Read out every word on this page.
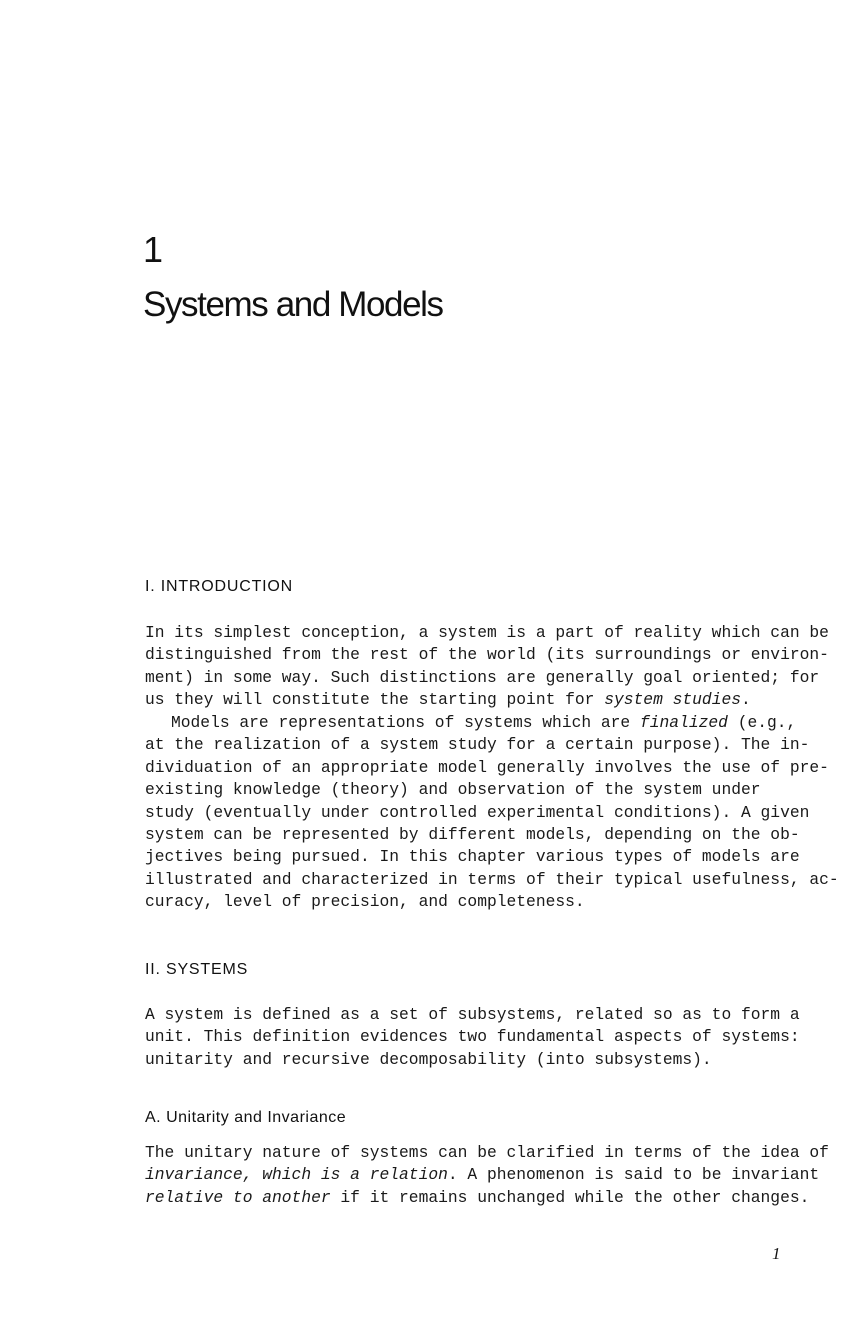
1
Systems and Models
I. INTRODUCTION

In its simplest conception, a system is a part of reality which can be
distinguished from the rest of the world (its surroundings or environ-
ment) in some way. Such distinctions are generally goal oriented; for
us they will constitute the starting point for system studies.

Models are representations of systems which are finalized (e.g.,
at the realization of a system study for a certain purpose). The in-
dividuation of an appropriate model generally involves the use of pre-
existing knowledge (theory) and observation of the system under
study (eventually under controlled experimental conditions). A given
system can be represented by different models, depending on the ob-
jectives being pursued. In this chapter various types of models are
illustrated and characterized in terms of their typical usefulness, ac-
curacy, level of precision, and completeness.

II. SYSTEMS

A system is defined as a set of subsystems, related so as to form a
unit. This definition evidences two fundamental aspects of systems:
unitarity and recursive decomposability (into subsystems).

A. Unitarity and Invariance

The unitary nature of systems can be clarified in terms of the idea of
invariance, which is a relation. A phenomenon is said to be invariant
relative to another if it remains unchanged while the other changes.

1
